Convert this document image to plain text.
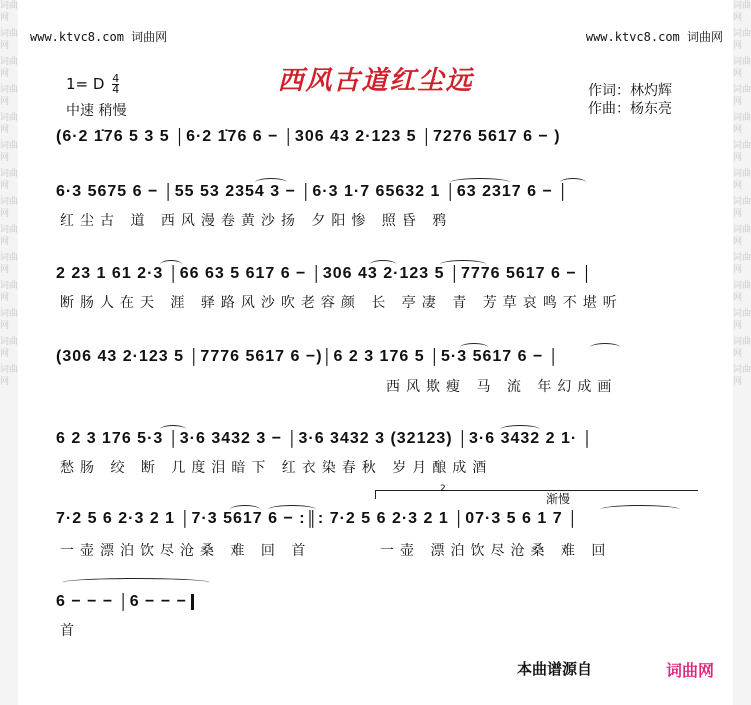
词曲网
词曲网
词曲网
词曲网
词曲网
词曲网
词曲网
词曲网
词曲网
词曲网
词曲网
词曲网
词曲网
词曲网
词曲网
词曲网
词曲网
词曲网
词曲网
词曲网
词曲网
词曲网
词曲网
词曲网
词曲网
词曲网
词曲网
词曲网
www.ktvc8.com 词曲网	www.ktvc8.com 词曲网
西风古道红尘远
1= D $\frac{4}{4}$
中速 稍慢
作词：林灼辉
作曲：杨东亮
(6·2 1̇76 5 3 5 │6·2 1̇76 6 − │306 43 2·123 5 │7276 5617 6 − )
6·3 5675 6 − │55 53 2354 3 − │6·3 1·7 65632 1 │63 2317 6 − │
红尘古 道 西风漫卷黄沙扬 夕阳惨 照昏 鸦
2 23 1 61 2·3 │66 63 5 617 6 − │306 43 2·123 5 │7776 5617 6 − │
断肠人在天 涯 驿路风沙吹老容颜 长 亭凄 青 芳草哀鸣不堪听
(306 43 2·123 5 │7776 5617 6 −)│6 2 3 176 5 │5·3 5617 6 − │
西风欺瘦 马 流 年幻成画
6 2 3 176 5·3 │3·6 3432 3 − │3·6 3432 3 (32123) │3·6 3432 2 1· │
愁肠 绞 断 几度泪暗下 红衣染春秋 岁月酿成酒
2
渐慢
7·2 5 6 2·3 2 1 │7·3 5617 6 − :║: 7·2 5 6 2·3 2 1 │07·3 5 6 1 7 │
一壶漂泊饮尽沧桑 难 回 首	一壶 漂泊饮尽沧桑 难 回
6 − − − │6 − − −
首
本曲谱源自	词曲网
